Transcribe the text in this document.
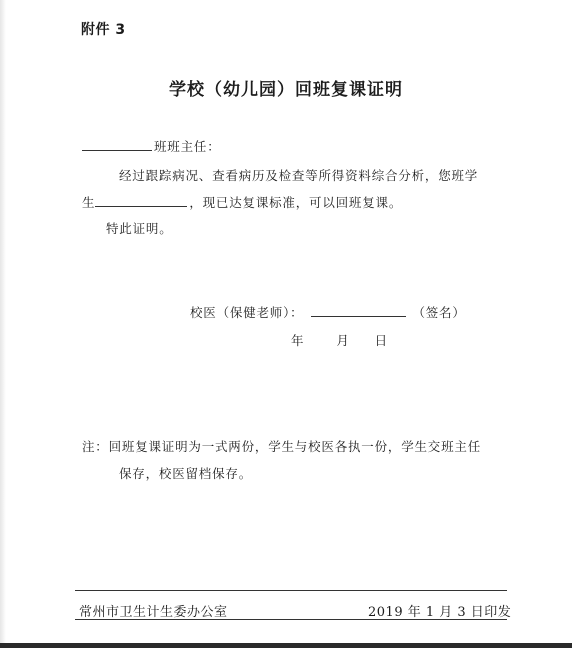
附件 3
学校（幼儿园）回班复课证明
班班主任：
经过跟踪病况、查看病历及检查等所得资料综合分析，您班学
生	，现已达复课标准，可以回班复课。
特此证明。
校医（保健老师）：	（签名）
年	月 日
注：回班复课证明为一式两份，学生与校医各执一份，学生交班主任
保存，校医留档保存。
常州市卫生计生委办公室	2019 年 1 月 3 日印发
